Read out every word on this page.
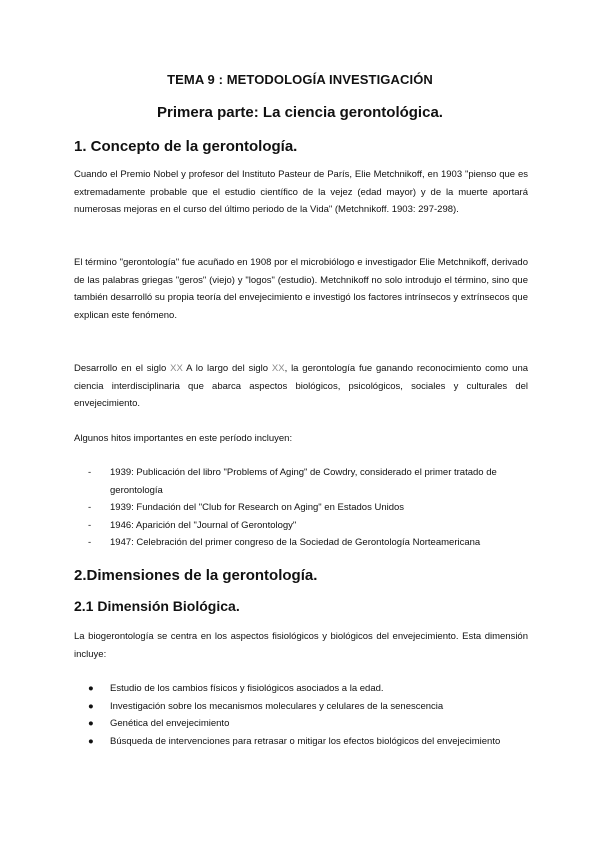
TEMA 9 : METODOLOGÍA INVESTIGACIÓN
Primera parte: La ciencia gerontológica.
1. Concepto de la gerontología.

Cuando el Premio Nobel y profesor del Instituto Pasteur de París, Elie Metchnikoff, en 1903 "pienso que es extremadamente probable que el estudio científico de la vejez (edad mayor) y de la muerte aportará numerosas mejoras en el curso del último periodo de la Vida" (Metchnikoff. 1903: 297-298).

El término "gerontología" fue acuñado en 1908 por el microbiólogo e investigador Elie Metchnikoff, derivado de las palabras griegas "geros" (viejo) y "logos" (estudio). Metchnikoff no solo introdujo el término, sino que también desarrolló su propia teoría del envejecimiento e investigó los factores intrínsecos y extrínsecos que explican este fenómeno.

Desarrollo en el siglo XX A lo largo del siglo XX, la gerontología fue ganando reconocimiento como una ciencia interdisciplinaria que abarca aspectos biológicos, psicológicos, sociales y culturales del envejecimiento.

Algunos hitos importantes en este período incluyen:

- 1939: Publicación del libro "Problems of Aging" de Cowdry, considerado el primer tratado de gerontología
- 1939: Fundación del "Club for Research on Aging" en Estados Unidos
- 1946: Aparición del "Journal of Gerontology"
- 1947: Celebración del primer congreso de la Sociedad de Gerontología Norteamericana
2.Dimensiones de la gerontología.
2.1 Dimensión Biológica.

La biogerontología se centra en los aspectos fisiológicos y biológicos del envejecimiento. Esta dimensión incluye:

● Estudio de los cambios físicos y fisiológicos asociados a la edad.
● Investigación sobre los mecanismos moleculares y celulares de la senescencia
● Genética del envejecimiento
● Búsqueda de intervenciones para retrasar o mitigar los efectos biológicos del envejecimiento
